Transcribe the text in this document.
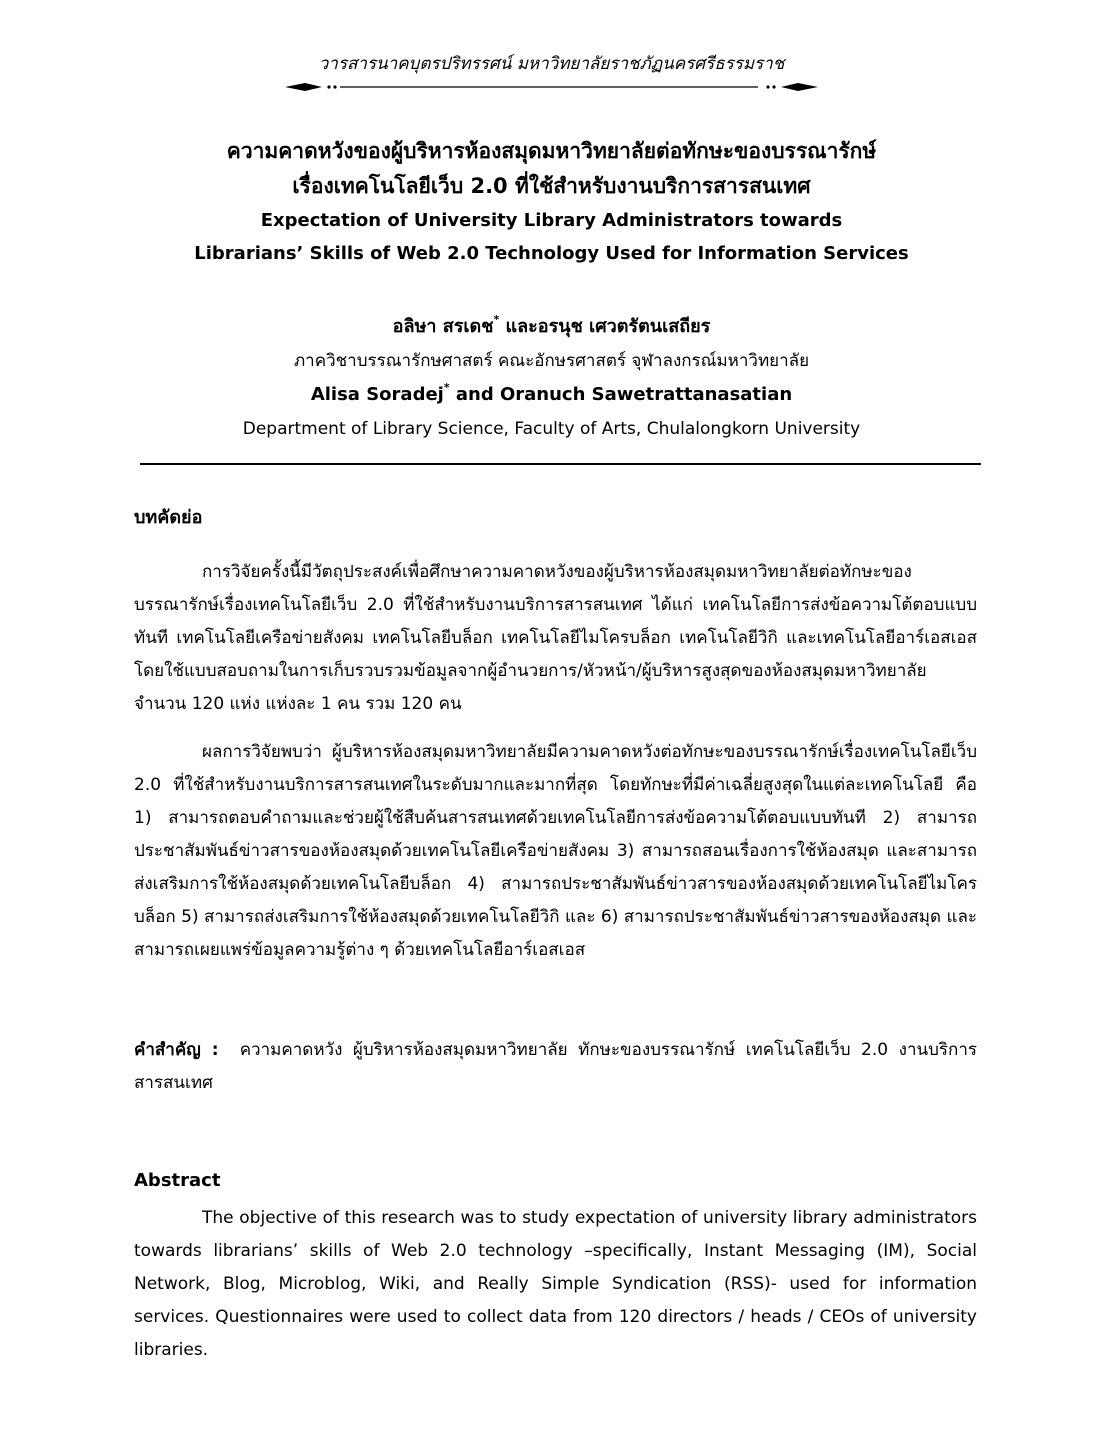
วารสารนาคบุตรปริทรรศน์ มหาวิทยาลัยราชภัฏนครศรีธรรมราช
ความคาดหวังของผู้บริหารห้องสมุดมหาวิทยาลัยต่อทักษะของบรรณารักษ์
เรื่องเทคโนโลยีเว็บ 2.0 ที่ใช้สำหรับงานบริการสารสนเทศ
Expectation of University Library Administrators towards
Librarians’ Skills of Web 2.0 Technology Used for Information Services
อลิษา สรเดช* และอรนุช เศวตรัตนเสถียร
ภาควิชาบรรณารักษศาสตร์ คณะอักษรศาสตร์ จุฬาลงกรณ์มหาวิทยาลัย
Alisa Soradej* and Oranuch Sawetrattanasatian
Department of Library Science, Faculty of Arts, Chulalongkorn University
บทคัดย่อ

การวิจัยครั้งนี้มีวัตถุประสงค์เพื่อศึกษาความคาดหวังของผู้บริหารห้องสมุดมหาวิทยาลัยต่อทักษะของบรรณารักษ์เรื่องเทคโนโลยีเว็บ 2.0 ที่ใช้สำหรับงานบริการสารสนเทศ ได้แก่ เทคโนโลยีการส่งข้อความโต้ตอบแบบทันที เทคโนโลยีเครือข่ายสังคม เทคโนโลยีบล็อก เทคโนโลยีไมโครบล็อก เทคโนโลยีวิกิ และเทคโนโลยีอาร์เอสเอส โดยใช้แบบสอบถามในการเก็บรวบรวมข้อมูลจากผู้อำนวยการ/หัวหน้า/ผู้บริหารสูงสุดของห้องสมุดมหาวิทยาลัย จำนวน 120 แห่ง แห่งละ 1 คน รวม 120 คน

ผลการวิจัยพบว่า ผู้บริหารห้องสมุดมหาวิทยาลัยมีความคาดหวังต่อทักษะของบรรณารักษ์เรื่องเทคโนโลยีเว็บ 2.0 ที่ใช้สำหรับงานบริการสารสนเทศในระดับมากและมากที่สุด โดยทักษะที่มีค่าเฉลี่ยสูงสุดในแต่ละเทคโนโลยี คือ 1) สามารถตอบคำถามและช่วยผู้ใช้สืบค้นสารสนเทศด้วยเทคโนโลยีการส่งข้อความโต้ตอบแบบทันที 2) สามารถประชาสัมพันธ์ข่าวสารของห้องสมุดด้วยเทคโนโลยีเครือข่ายสังคม 3) สามารถสอนเรื่องการใช้ห้องสมุด และสามารถส่งเสริมการใช้ห้องสมุดด้วยเทคโนโลยีบล็อก 4) สามารถประชาสัมพันธ์ข่าวสารของห้องสมุดด้วยเทคโนโลยีไมโครบล็อก 5) สามารถส่งเสริมการใช้ห้องสมุดด้วยเทคโนโลยีวิกิ และ 6) สามารถประชาสัมพันธ์ข่าวสารของห้องสมุด และสามารถเผยแพร่ข้อมูลความรู้ต่าง ๆ ด้วยเทคโนโลยีอาร์เอสเอส

คำสำคัญ : ความคาดหวัง ผู้บริหารห้องสมุดมหาวิทยาลัย ทักษะของบรรณารักษ์ เทคโนโลยีเว็บ 2.0 งานบริการสารสนเทศ

Abstract

The objective of this research was to study expectation of university library administrators towards librarians’ skills of Web 2.0 technology –specifically, Instant Messaging (IM), Social Network, Blog, Microblog, Wiki, and Really Simple Syndication (RSS)- used for information services. Questionnaires were used to collect data from 120 directors / heads / CEOs of university libraries.
